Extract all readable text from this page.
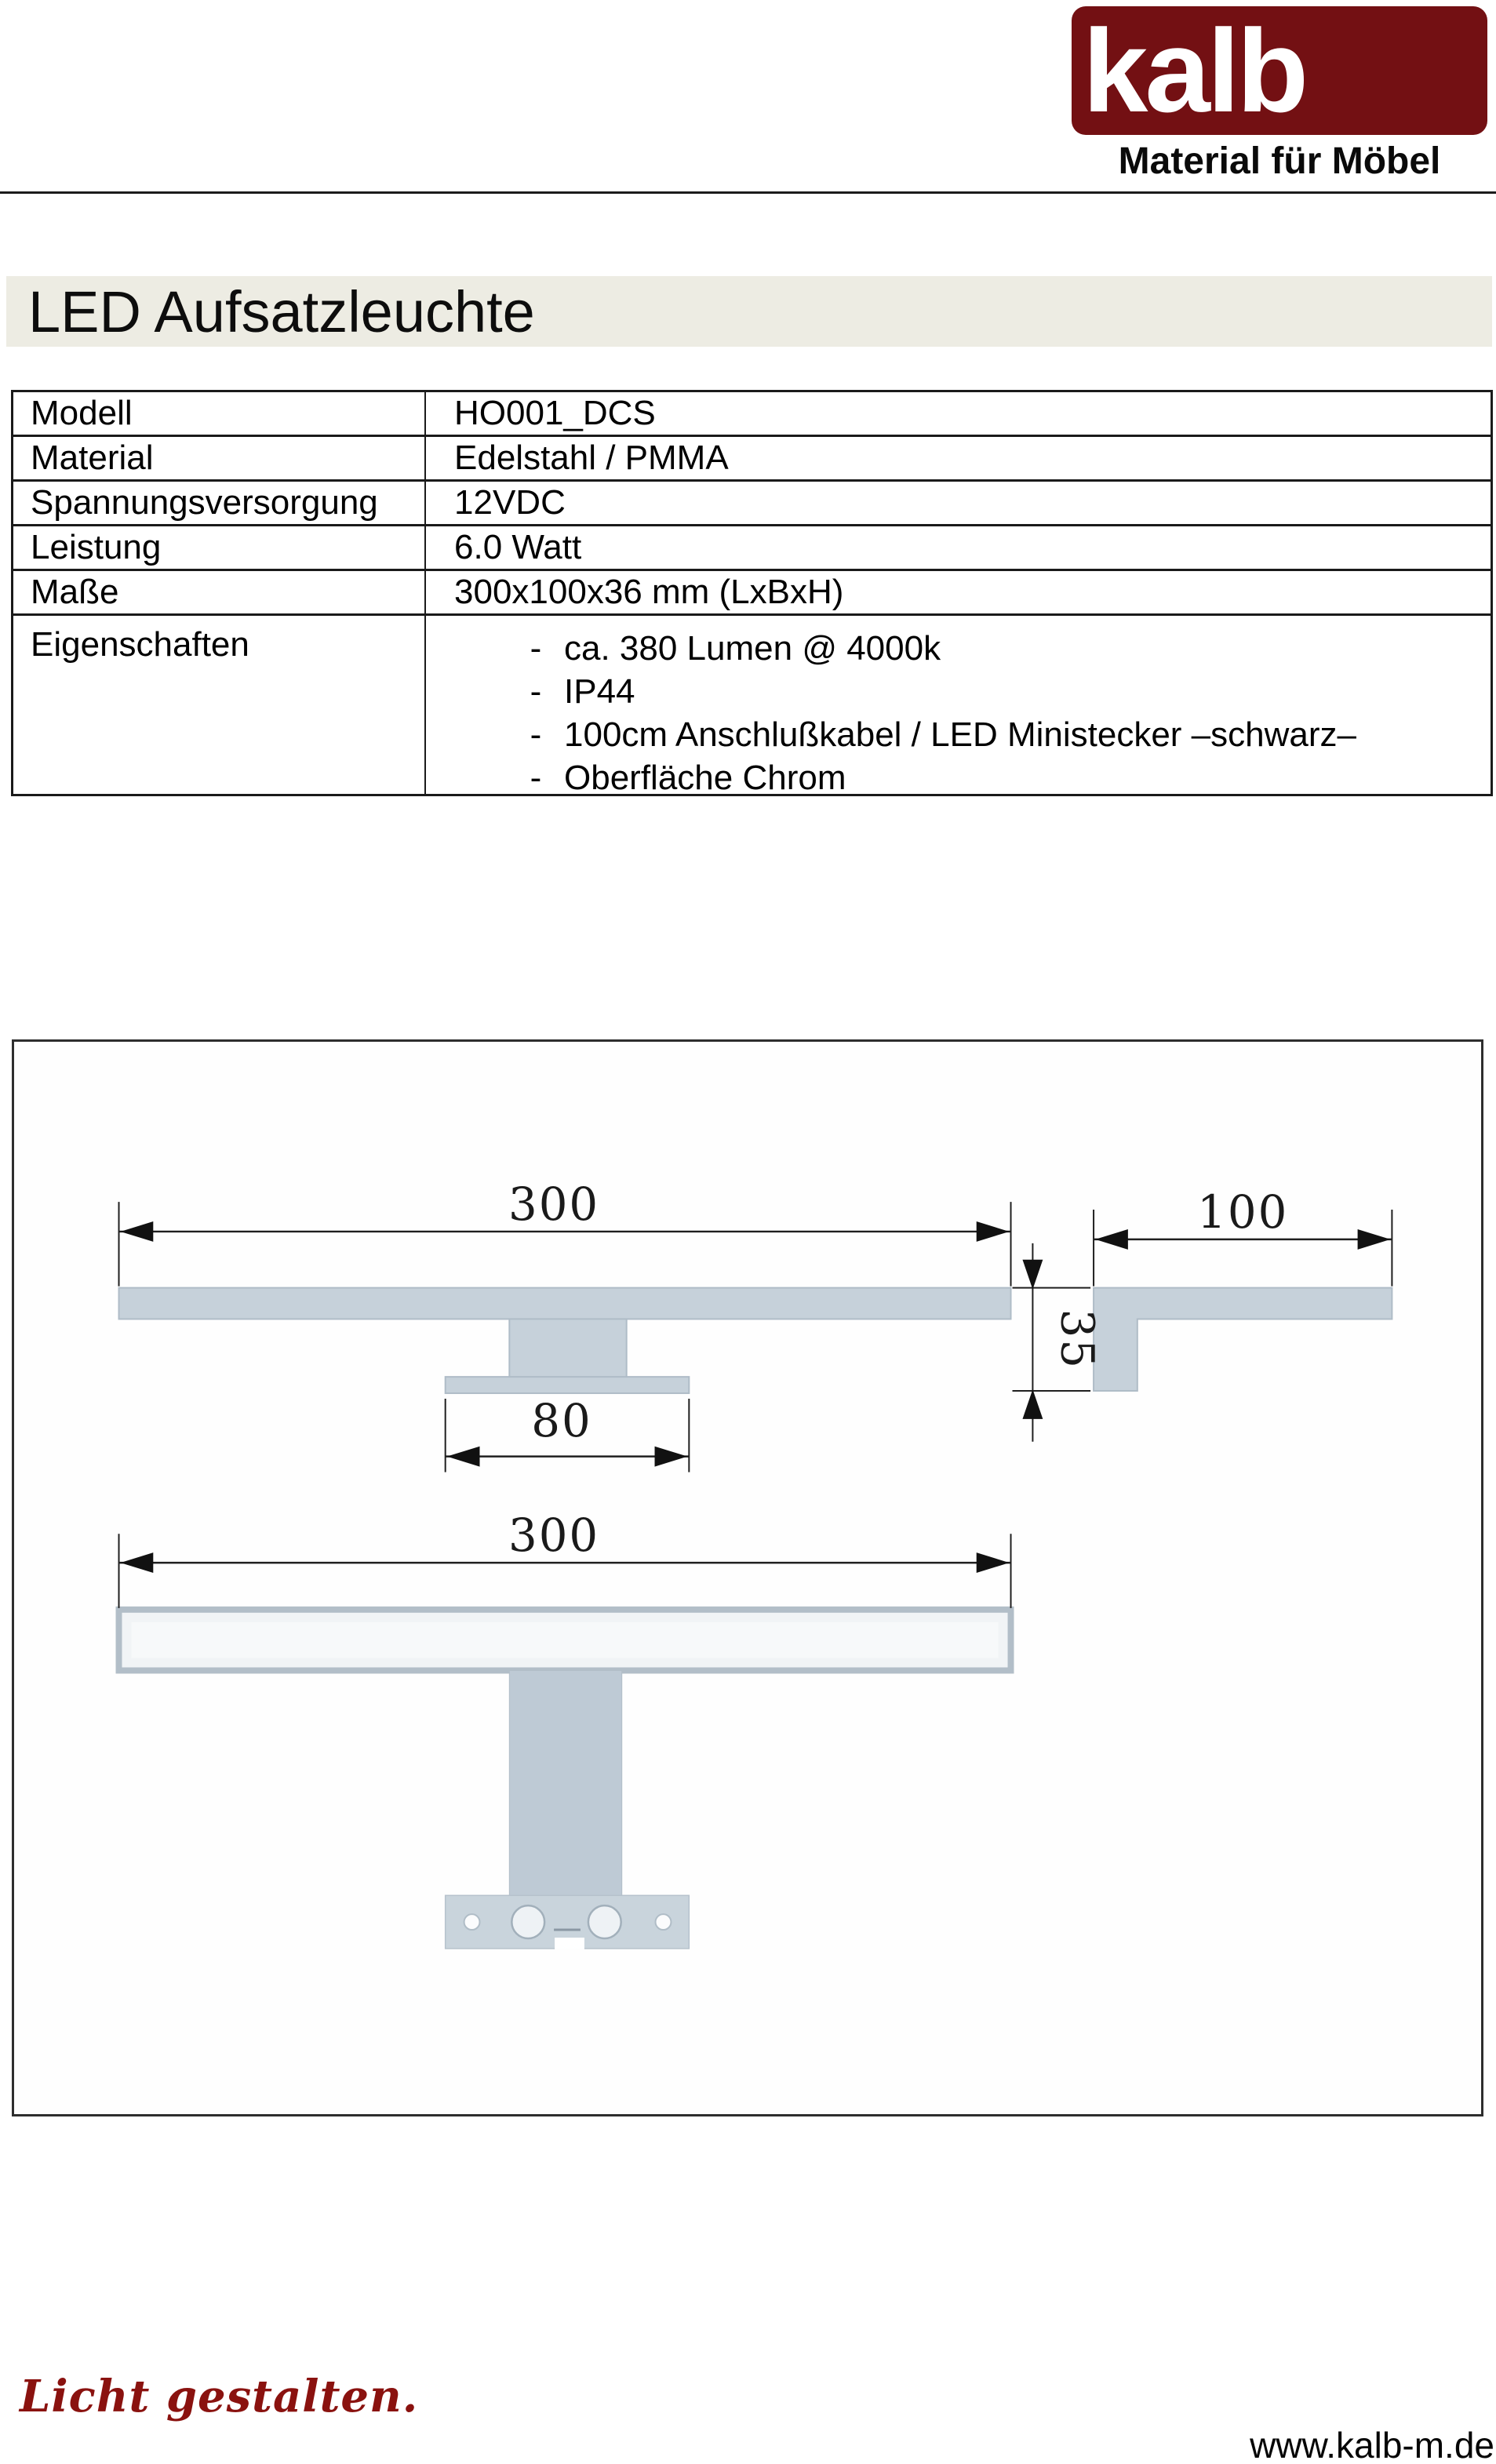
kalb
Material für Möbel
LED Aufsatzleuchte
Modell	HO001_DCS
Material	Edelstahl / PMMA
Spannungsversorgung	12VDC
Leistung	6.0 Watt
Maße	300x100x36 mm (LxBxH)
Eigenschaften	- ca. 380 Lumen @ 4000k
- IP44
- 100cm Anschlußkabel / LED Ministecker –schwarz–
- Oberfläche Chrom
300	100
35
80
300
Licht gestalten.
www.kalb-m.de
